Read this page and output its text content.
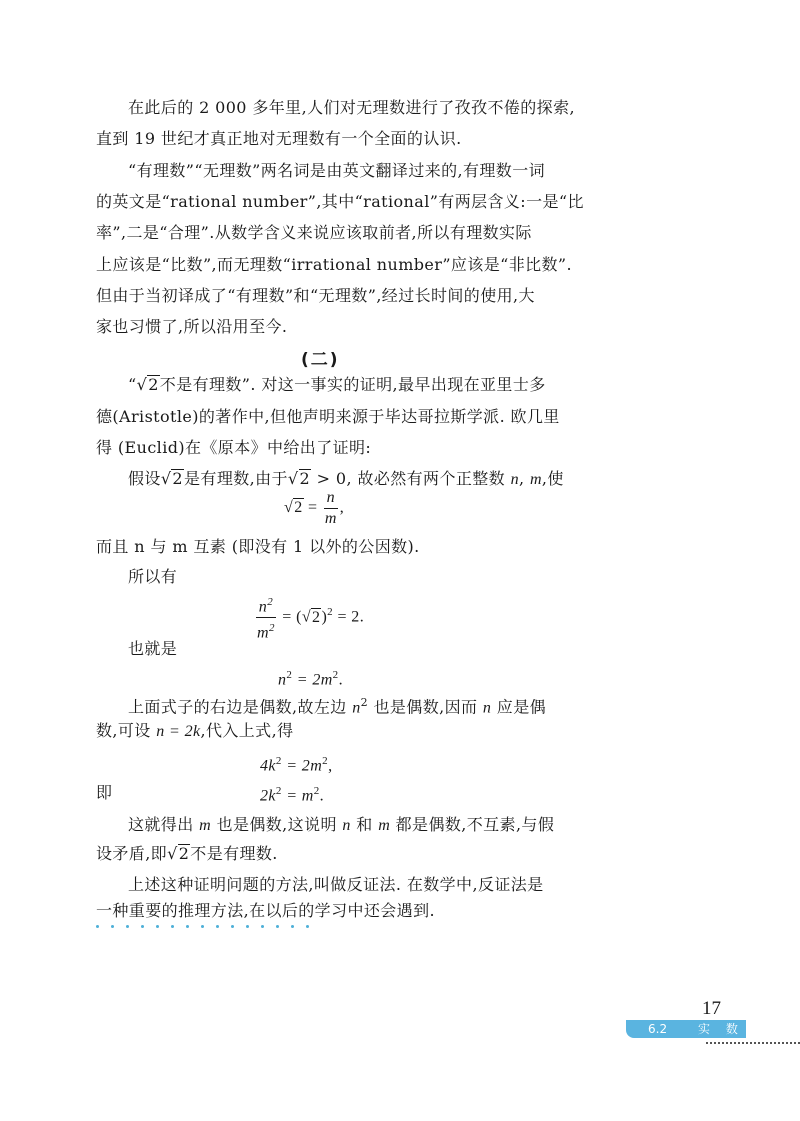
在此后的 2 000 多年里,人们对无理数进行了孜孜不倦的探索,
直到 19 世纪才真正地对无理数有一个全面的认识.
“有理数”“无理数”两名词是由英文翻译过来的,有理数一词
的英文是“rational number”,其中“rational”有两层含义:一是“比
率”,二是“合理”.从数学含义来说应该取前者,所以有理数实际
上应该是“比数”,而无理数“irrational number”应该是“非比数”.
但由于当初译成了“有理数”和“无理数”,经过长时间的使用,大
家也习惯了,所以沿用至今.
(二)
“√2不是有理数”. 对这一事实的证明,最早出现在亚里士多
德(Aristotle)的著作中,但他声明来源于毕达哥拉斯学派. 欧几里
得 (Euclid)在《原本》中给出了证明:
假设√2是有理数,由于√2 > 0, 故必然有两个正整数 n, m,使
$√2 = \frac{n}{m}$ ,
而且 n 与 m 互素 (即没有 1 以外的公因数).
所以有
$\frac{n^2}{m^2} = (√2)^2 = 2$.
也就是
$n^2 = 2m^2$.
上面式子的右边是偶数,故左边 $n^2$ 也是偶数,因而 n 应是偶
数,可设 n = 2k,代入上式,得
$4k^2 = 2m^2$,
即	$2k^2 = m^2$.
这就得出 m 也是偶数,这说明 n 和 m 都是偶数,不互素,与假
设矛盾,即√2不是有理数.
上述这种证明问题的方法,叫做反证法. 在数学中,反证法是
一种重要的推理方法,在以后的学习中还会遇到.
17
6.2	实 数
